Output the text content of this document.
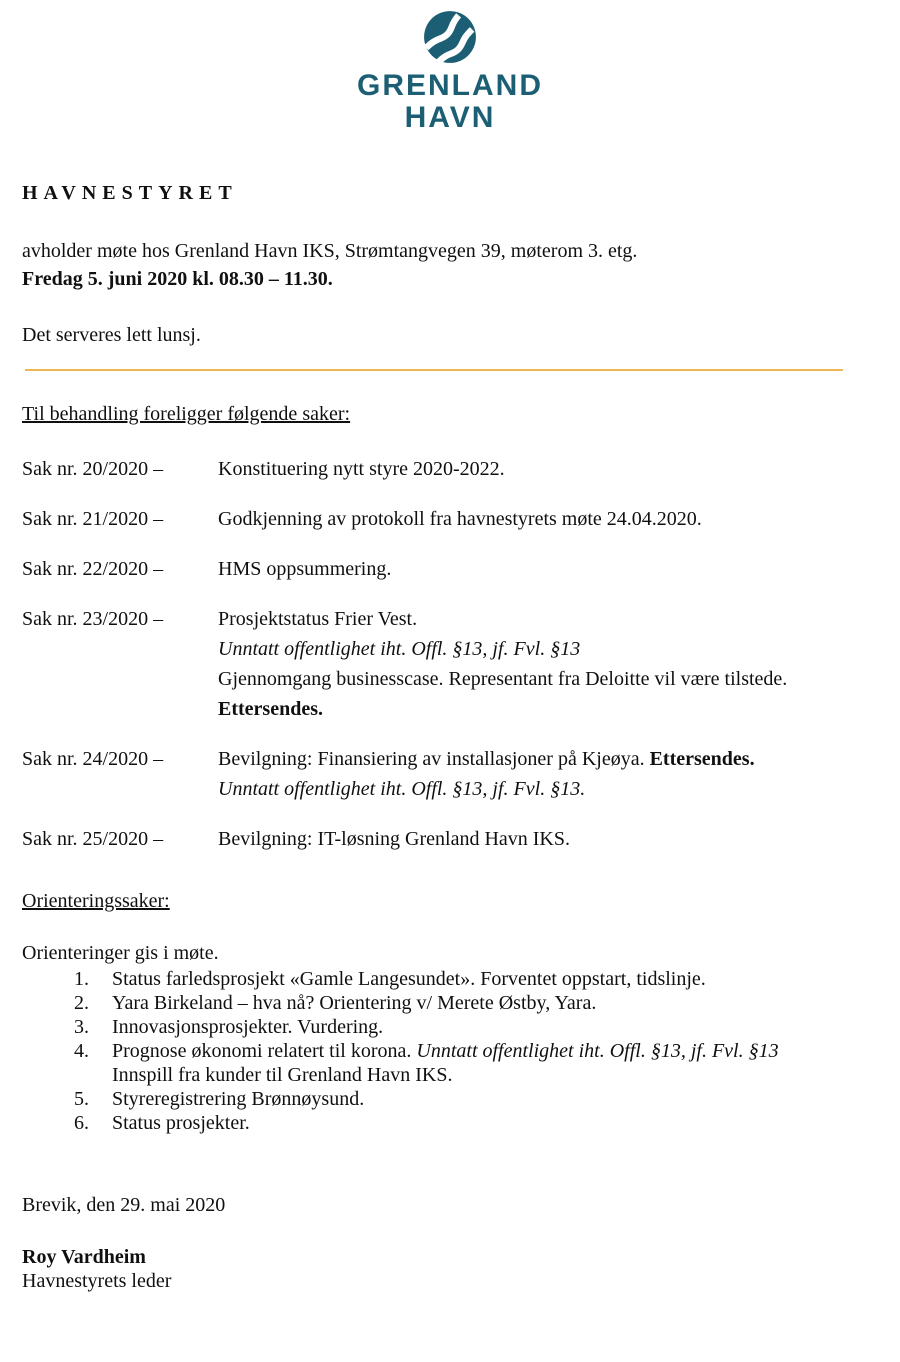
GRENLAND
HAVN
HAVNESTYRET
avholder møte hos Grenland Havn IKS, Strømtangvegen 39, møterom 3. etg.
Fredag 5. juni 2020 kl. 08.30 – 11.30.
Det serveres lett lunsj.
Til behandling foreligger følgende saker:
Sak nr. 20/2020 –	Konstituering nytt styre 2020-2022.
Sak nr. 21/2020 –	Godkjenning av protokoll fra havnestyrets møte 24.04.2020.
Sak nr. 22/2020 –	HMS oppsummering.
Sak nr. 23/2020 –	Prosjektstatus Frier Vest.
Unntatt offentlighet iht. Offl. §13, jf. Fvl. §13
Gjennomgang businesscase. Representant fra Deloitte vil være tilstede.
Ettersendes.
Sak nr. 24/2020 –	Bevilgning: Finansiering av installasjoner på Kjeøya. Ettersendes.
Unntatt offentlighet iht. Offl. §13, jf. Fvl. §13.
Sak nr. 25/2020 –	Bevilgning: IT-løsning Grenland Havn IKS.
Orienteringssaker:
Orienteringer gis i møte.
1.	Status farledsprosjekt «Gamle Langesundet». Forventet oppstart, tidslinje.
2.	Yara Birkeland – hva nå? Orientering v/ Merete Østby, Yara.
3.	Innovasjonsprosjekter. Vurdering.
4.	Prognose økonomi relatert til korona. Unntatt offentlighet iht. Offl. §13, jf. Fvl. §13
Innspill fra kunder til Grenland Havn IKS.
5.	Styreregistrering Brønnøysund.
6.	Status prosjekter.
Brevik, den 29. mai 2020
Roy Vardheim
Havnestyrets leder
